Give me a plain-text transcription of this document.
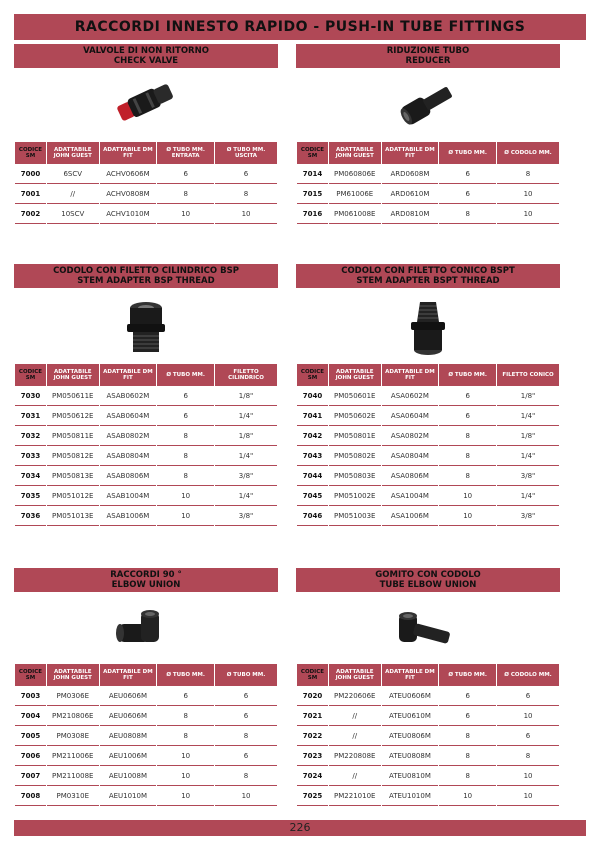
RACCORDI INNESTO RAPIDO - PUSH-IN TUBE FITTINGS
VALVOLE DI NON RITORNO
CHECK VALVE
CODICE SM	ADATTABILE JOHN GUEST	ADATTABILE DM FIT	Ø TUBO MM. ENTRATA	Ø TUBO MM. USCITA
7000	6SCV	ACHV0606M	6	6
7001	//	ACHV0808M	8	8
7002	10SCV	ACHV1010M	10	10
RIDUZIONE TUBO
REDUCER
CODICE SM	ADATTABILE JOHN GUEST	ADATTABILE DM FIT	Ø TUBO MM.	Ø CODOLO MM.
7014	PM060806E	ARD0608M	6	8
7015	PM61006E	ARD0610M	6	10
7016	PM061008E	ARD0810M	8	10
CODOLO CON FILETTO CILINDRICO BSP
STEM ADAPTER BSP THREAD
CODICE SM	ADATTABILE JOHN GUEST	ADATTABILE DM FIT	Ø TUBO MM.	FILETTO CILINDRICO
7030	PM050611E	ASAB0602M	6	1/8"
7031	PM050612E	ASAB0604M	6	1/4"
7032	PM050811E	ASAB0802M	8	1/8"
7033	PM050812E	ASAB0804M	8	1/4"
7034	PM050813E	ASAB0806M	8	3/8"
7035	PM051012E	ASAB1004M	10	1/4"
7036	PM051013E	ASAB1006M	10	3/8"
CODOLO CON FILETTO CONICO BSPT
STEM ADAPTER BSPT THREAD
CODICE SM	ADATTABILE JOHN GUEST	ADATTABILE DM FIT	Ø TUBO MM.	FILETTO CONICO
7040	PM050601E	ASA0602M	6	1/8"
7041	PM050602E	ASA0604M	6	1/4"
7042	PM050801E	ASA0802M	8	1/8"
7043	PM050802E	ASA0804M	8	1/4"
7044	PM050803E	ASA0806M	8	3/8"
7045	PM051002E	ASA1004M	10	1/4"
7046	PM051003E	ASA1006M	10	3/8"
RACCORDI 90 °
ELBOW UNION
CODICE SM	ADATTABILE JOHN GUEST	ADATTABILE DM FIT	Ø TUBO MM.	Ø TUBO MM.
7003	PM0306E	AEU0606M	6	6
7004	PM210806E	AEU0606M	8	6
7005	PM0308E	AEU0808M	8	8
7006	PM211006E	AEU1006M	10	6
7007	PM211008E	AEU1008M	10	8
7008	PM0310E	AEU1010M	10	10
GOMITO CON CODOLO
TUBE ELBOW UNION
CODICE SM	ADATTABILE JOHN GUEST	ADATTABILE DM FIT	Ø TUBO MM.	Ø CODOLO MM.
7020	PM220606E	ATEU0606M	6	6
7021	//	ATEU0610M	6	10
7022	//	ATEU0806M	8	6
7023	PM220808E	ATEU0808M	8	8
7024	//	ATEU0810M	8	10
7025	PM221010E	ATEU1010M	10	10
226
